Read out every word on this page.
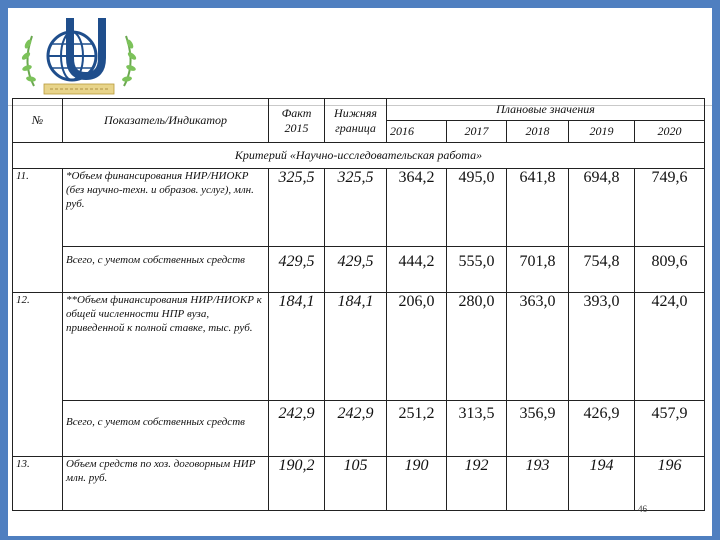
№	Показатель/Индикатор	Факт 2015	Нижняя граница	Плановые значения				
				2016	2017	2018	2019	2020
Критерий «Научно-исследовательская работа»								
11.	*Объем финансирования НИР/НИОКР (без научно-техн. и образов. услуг), млн. руб.	325,5	325,5	364,2	495,0	641,8	694,8	749,6
	Всего, с учетом собственных средств	429,5	429,5	444,2	555,0	701,8	754,8	809,6
12.	**Объем финансирования НИР/НИОКР к общей численности НПР вуза, приведенной к полной ставке, тыс. руб.	184,1	184,1	206,0	280,0	363,0	393,0	424,0
	Всего, с учетом собственных средств	242,9	242,9	251,2	313,5	356,9	426,9	457,9
13.	Объем средств по хоз. договорным НИР млн. руб.	190,2	105	190	192	193	194	196
46
